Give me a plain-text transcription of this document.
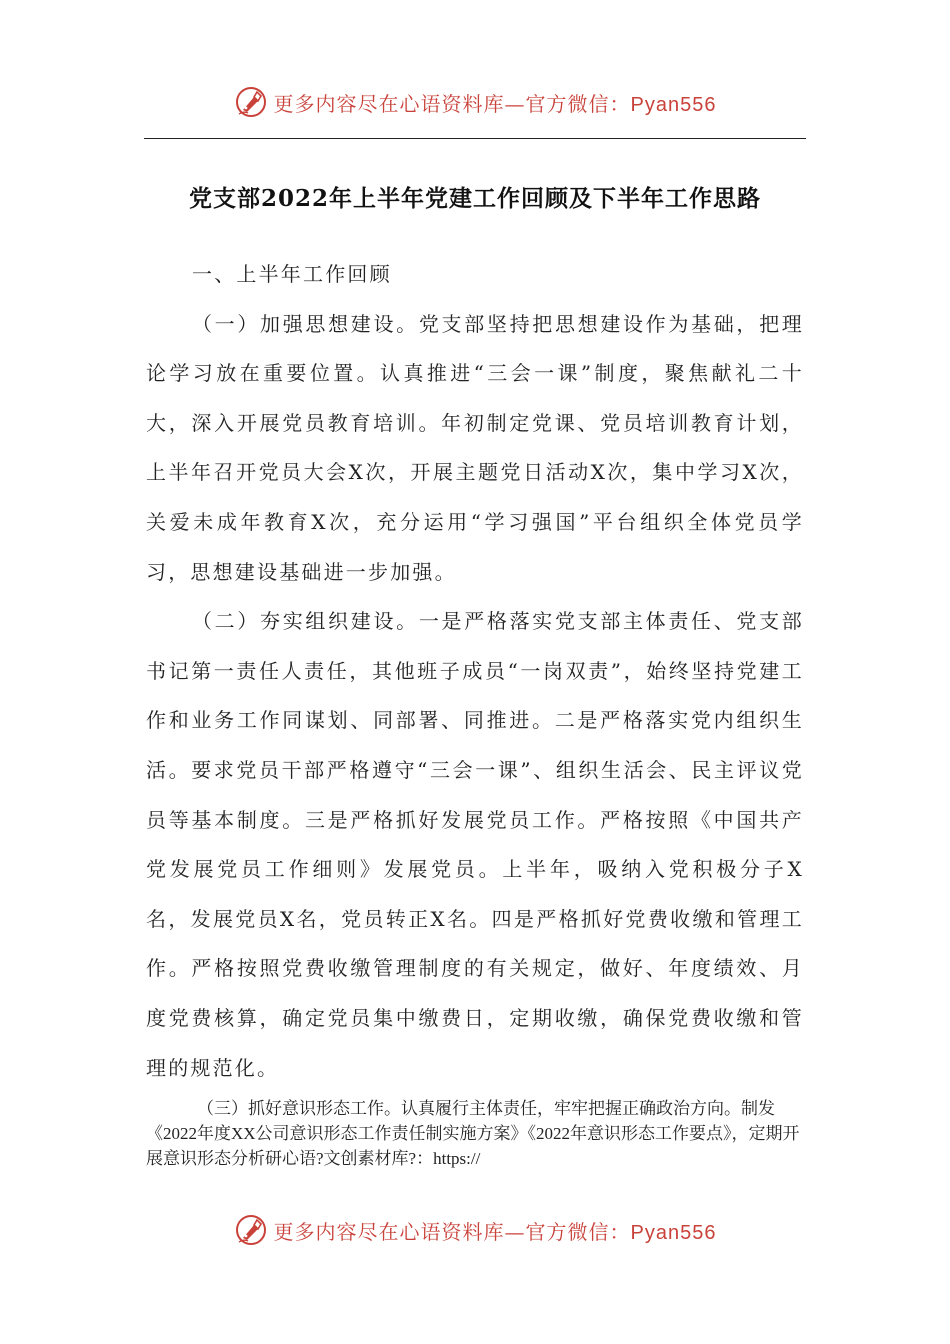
更多内容尽在心语资料库—官方微信：Pyan556
党支部2022年上半年党建工作回顾及下半年工作思路
一、上半年工作回顾

（一）加强思想建设。党支部坚持把思想建设作为基础，把理论学习放在重要位置。认真推进“三会一课”制度，聚焦献礼二十大，深入开展党员教育培训。年初制定党课、党员培训教育计划，上半年召开党员大会X次，开展主题党日活动X次，集中学习X次，关爱未成年教育X次，充分运用“学习强国”平台组织全体党员学习，思想建设基础进一步加强。

（二）夯实组织建设。一是严格落实党支部主体责任、党支部书记第一责任人责任，其他班子成员“一岗双责”，始终坚持党建工作和业务工作同谋划、同部署、同推进。二是严格落实党内组织生活。要求党员干部严格遵守“三会一课”、组织生活会、民主评议党员等基本制度。三是严格抓好发展党员工作。严格按照《中国共产党发展党员工作细则》发展党员。上半年，吸纳入党积极分子X名，发展党员X名，党员转正X名。四是严格抓好党费收缴和管理工作。严格按照党费收缴管理制度的有关规定，做好、年度绩效、月度党费核算，确定党员集中缴费日，定期收缴，确保党费收缴和管理的规范化。

（三）抓好意识形态工作。认真履行主体责任，牢牢把握正确政治方向。制发《2022年度XX公司意识形态工作责任制实施方案》《2022年意识形态工作要点》，定期开展意识形态分析研心语?文创素材库?：https://
更多内容尽在心语资料库—官方微信：Pyan556
